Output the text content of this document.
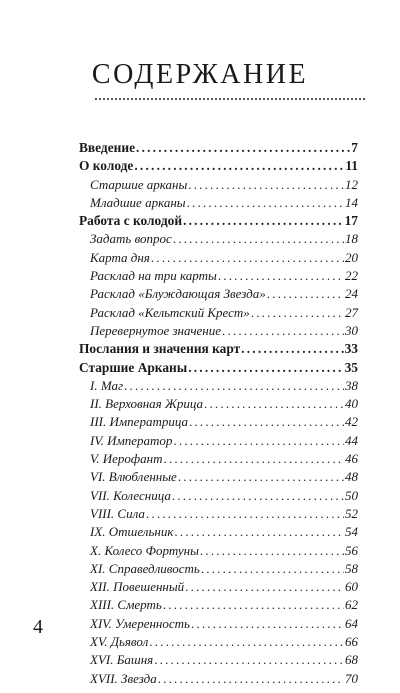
СОДЕРЖАНИЕ
Введение .....	7
О колоде .....	11
Старшие арканы .....	12
Младшие арканы .....	14
Работа с колодой .....	17
Задать вопрос .....	18
Карта дня .....	20
Расклад на три карты .....	22
Расклад «Блуждающая Звезда» .....	24
Расклад «Кельтский Крест» .....	27
Перевернутое значение .....	30
Послания и значения карт .....	33
Старшие Арканы .....	35
I. Маг .....	38
II. Верховная Жрица .....	40
III. Императрица .....	42
IV. Император .....	44
V. Иерофант .....	46
VI. Влюбленные .....	48
VII. Колесница .....	50
VIII. Сила .....	52
IX. Отшельник .....	54
X. Колесо Фортуны .....	56
XI. Справедливость .....	58
XII. Повешенный .....	60
XIII. Смерть .....	62
XIV. Умеренность .....	64
XV. Дьявол .....	66
XVI. Башня .....	68
XVII. Звезда .....	70
4
